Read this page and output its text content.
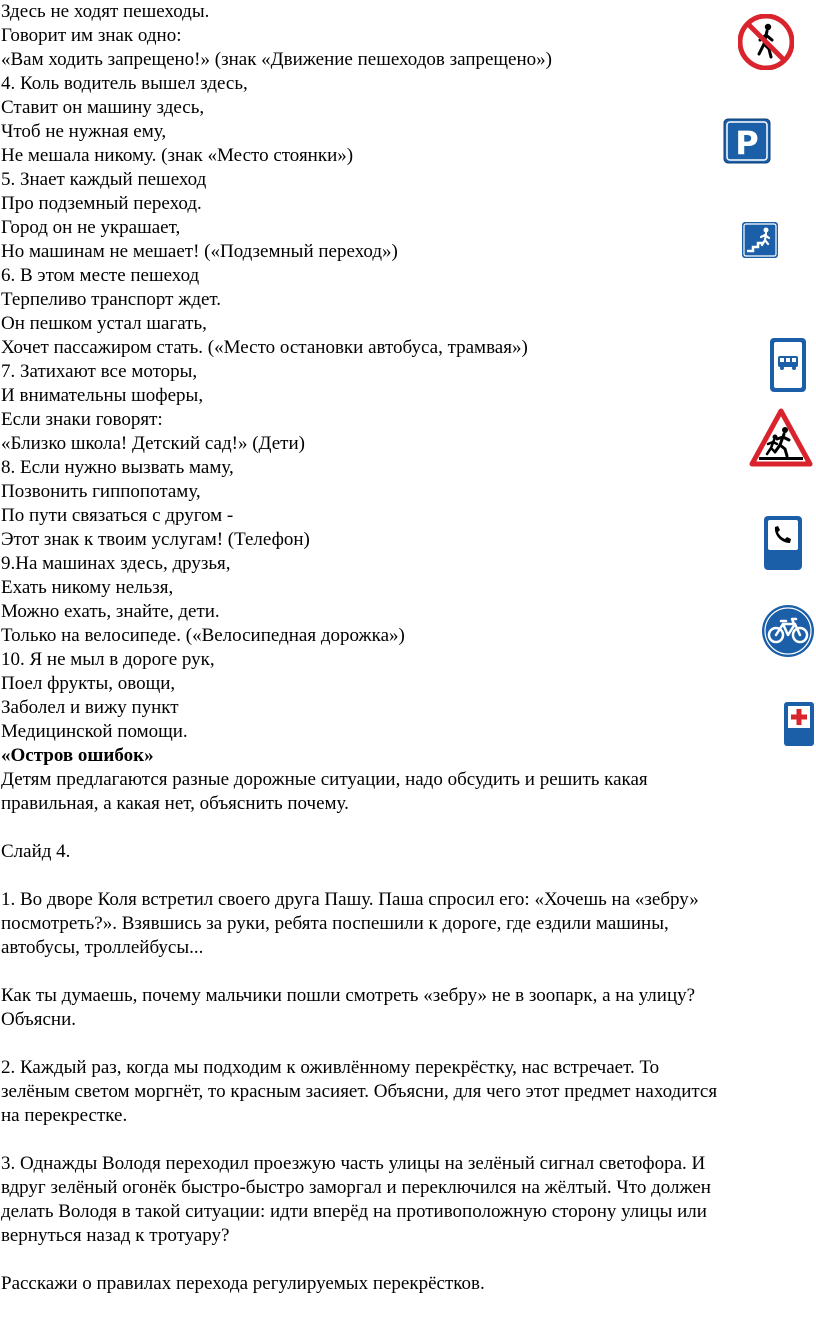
Здесь не ходят пешеходы.
Говорит им знак одно:
«Вам ходить запрещено!» (знак «Движение пешеходов запрещено»)
4. Коль водитель вышел здесь,
Ставит он машину здесь,
Чтоб не нужная ему,
Не мешала никому. (знак «Место стоянки»)
5. Знает каждый пешеход
Про подземный переход.
Город он не украшает,
Но машинам не мешает! («Подземный переход»)
6. В этом месте пешеход
Терпеливо транспорт ждет.
Он пешком устал шагать,
Хочет пассажиром стать. («Место остановки автобуса, трамвая»)
7. Затихают все моторы,
И внимательны шоферы,
Если знаки говорят:
«Близко школа! Детский сад!» (Дети)
8. Если нужно вызвать маму,
Позвонить гиппопотаму,
По пути связаться с другом -
Этот знак к твоим услугам! (Телефон)
9.На машинах здесь, друзья,
Ехать никому нельзя,
Можно ехать, знайте, дети.
Только на велосипеде. («Велосипедная дорожка»)
10. Я не мыл в дороге рук,
Поел фрукты, овощи,
Заболел и вижу пункт
Медицинской помощи.
«Остров ошибок»
Детям предлагаются разные дорожные ситуации, надо обсудить и решить какая
правильная, а какая нет, объяснить почему.
Слайд 4.
1. Во дворе Коля встретил своего друга Пашу. Паша спросил его: «Хочешь на «зебру»
посмотреть?». Взявшись за руки, ребята поспешили к дороге, где ездили машины,
автобусы, троллейбусы...
Как ты думаешь, почему мальчики пошли смотреть «зебру» не в зоопарк, а на улицу?
Объясни.
2. Каждый раз, когда мы подходим к оживлённому перекрёстку, нас встречает. То
зелёным светом моргнёт, то красным засияет. Объясни, для чего этот предмет находится
на перекрестке.
3. Однажды Володя переходил проезжую часть улицы на зелёный сигнал светофора. И
вдруг зелёный огонёк быстро-быстро заморгал и переключился на жёлтый. Что должен
делать Володя в такой ситуации: идти вперёд на противоположную сторону улицы или
вернуться назад к тротуару?
Расскажи о правилах перехода регулируемых перекрёстков.
P
